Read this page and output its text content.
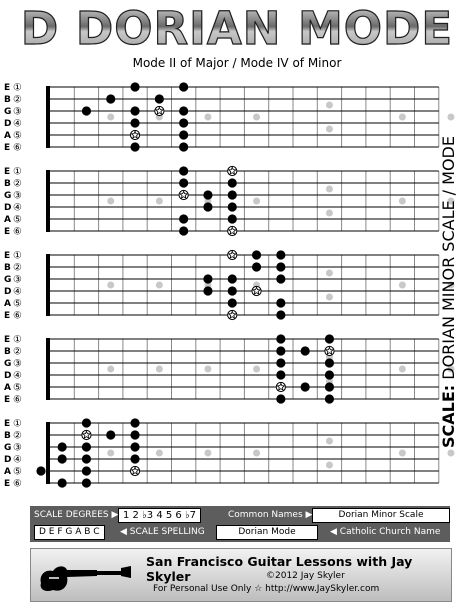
D DORIAN MODE
Mode II of Major / Mode IV of Minor
E ①
B ②
G ③
D ④
A ⑤
E ⑥
E ①
B ②
G ③
D ④
A ⑤
E ⑥
E ①
B ②
G ③
D ④
A ⑤
E ⑥
E ①
B ②
G ③
D ④
A ⑤
E ⑥
E ①
B ②
G ③
D ④
A ⑤
E ⑥
SCALE: DORIAN MINOR SCALE / MODE
SCALE DEGREES ▶ 1 2 ♭3 4 5 6 ♭7	Common Names ▶	Dorian Minor Scale
D E F G A B C	◀ SCALE SPELLING	Dorian Mode	◀ Catholic Church Name
San Francisco Guitar Lessons with Jay Skyler	©2012 Jay Skyler
For Personal Use Only ☆ http://www.JaySkyler.com
